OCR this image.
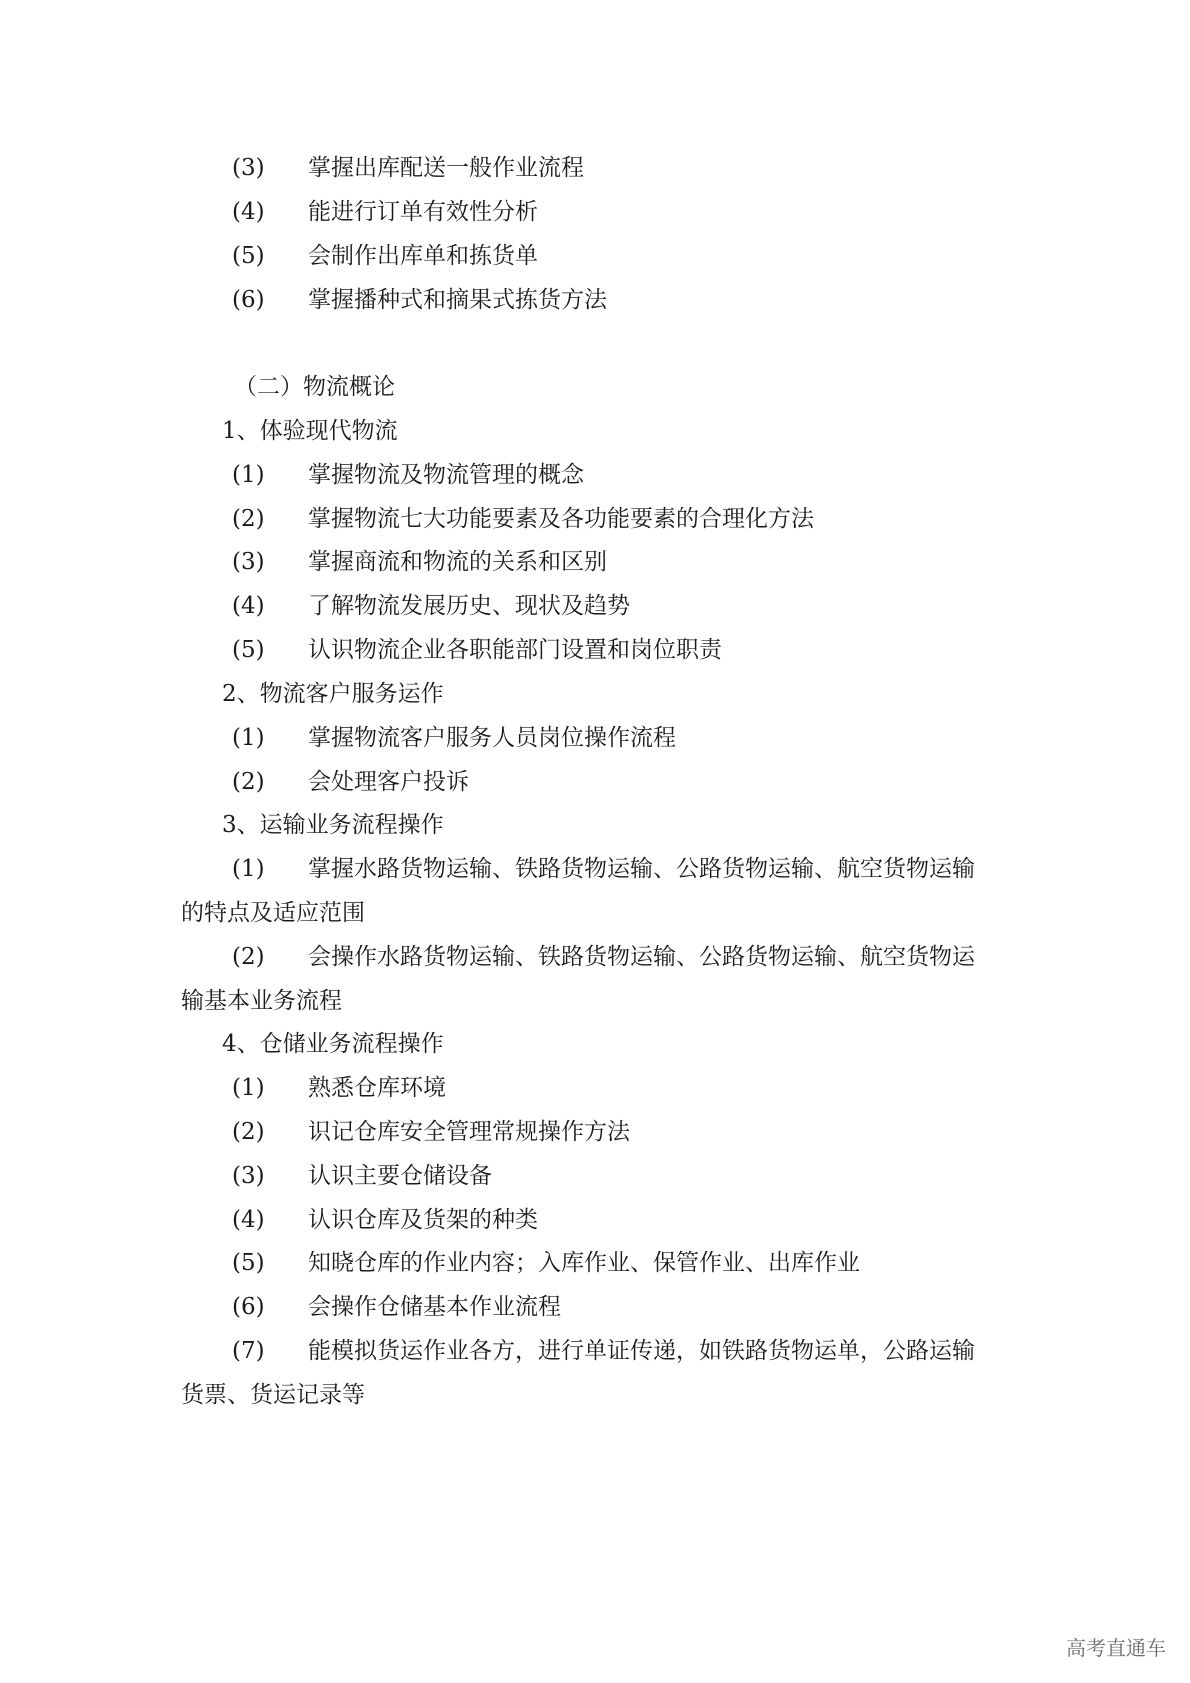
(3) 掌握出库配送一般作业流程
(4) 能进行订单有效性分析
(5) 会制作出库单和拣货单
(6) 掌握播种式和摘果式拣货方法
（二）物流概论
1、体验现代物流
(1) 掌握物流及物流管理的概念
(2) 掌握物流七大功能要素及各功能要素的合理化方法
(3) 掌握商流和物流的关系和区别
(4) 了解物流发展历史、现状及趋势
(5) 认识物流企业各职能部门设置和岗位职责
2、物流客户服务运作
(1) 掌握物流客户服务人员岗位操作流程
(2) 会处理客户投诉
3、运输业务流程操作
(1) 掌握水路货物运输、铁路货物运输、公路货物运输、航空货物运输
的特点及适应范围
(2) 会操作水路货物运输、铁路货物运输、公路货物运输、航空货物运
输基本业务流程
4、仓储业务流程操作
(1) 熟悉仓库环境
(2) 识记仓库安全管理常规操作方法
(3) 认识主要仓储设备
(4) 认识仓库及货架的种类
(5) 知晓仓库的作业内容；入库作业、保管作业、出库作业
(6) 会操作仓储基本作业流程
(7) 能模拟货运作业各方，进行单证传递，如铁路货物运单，公路运输
货票、货运记录等
高考直通车
